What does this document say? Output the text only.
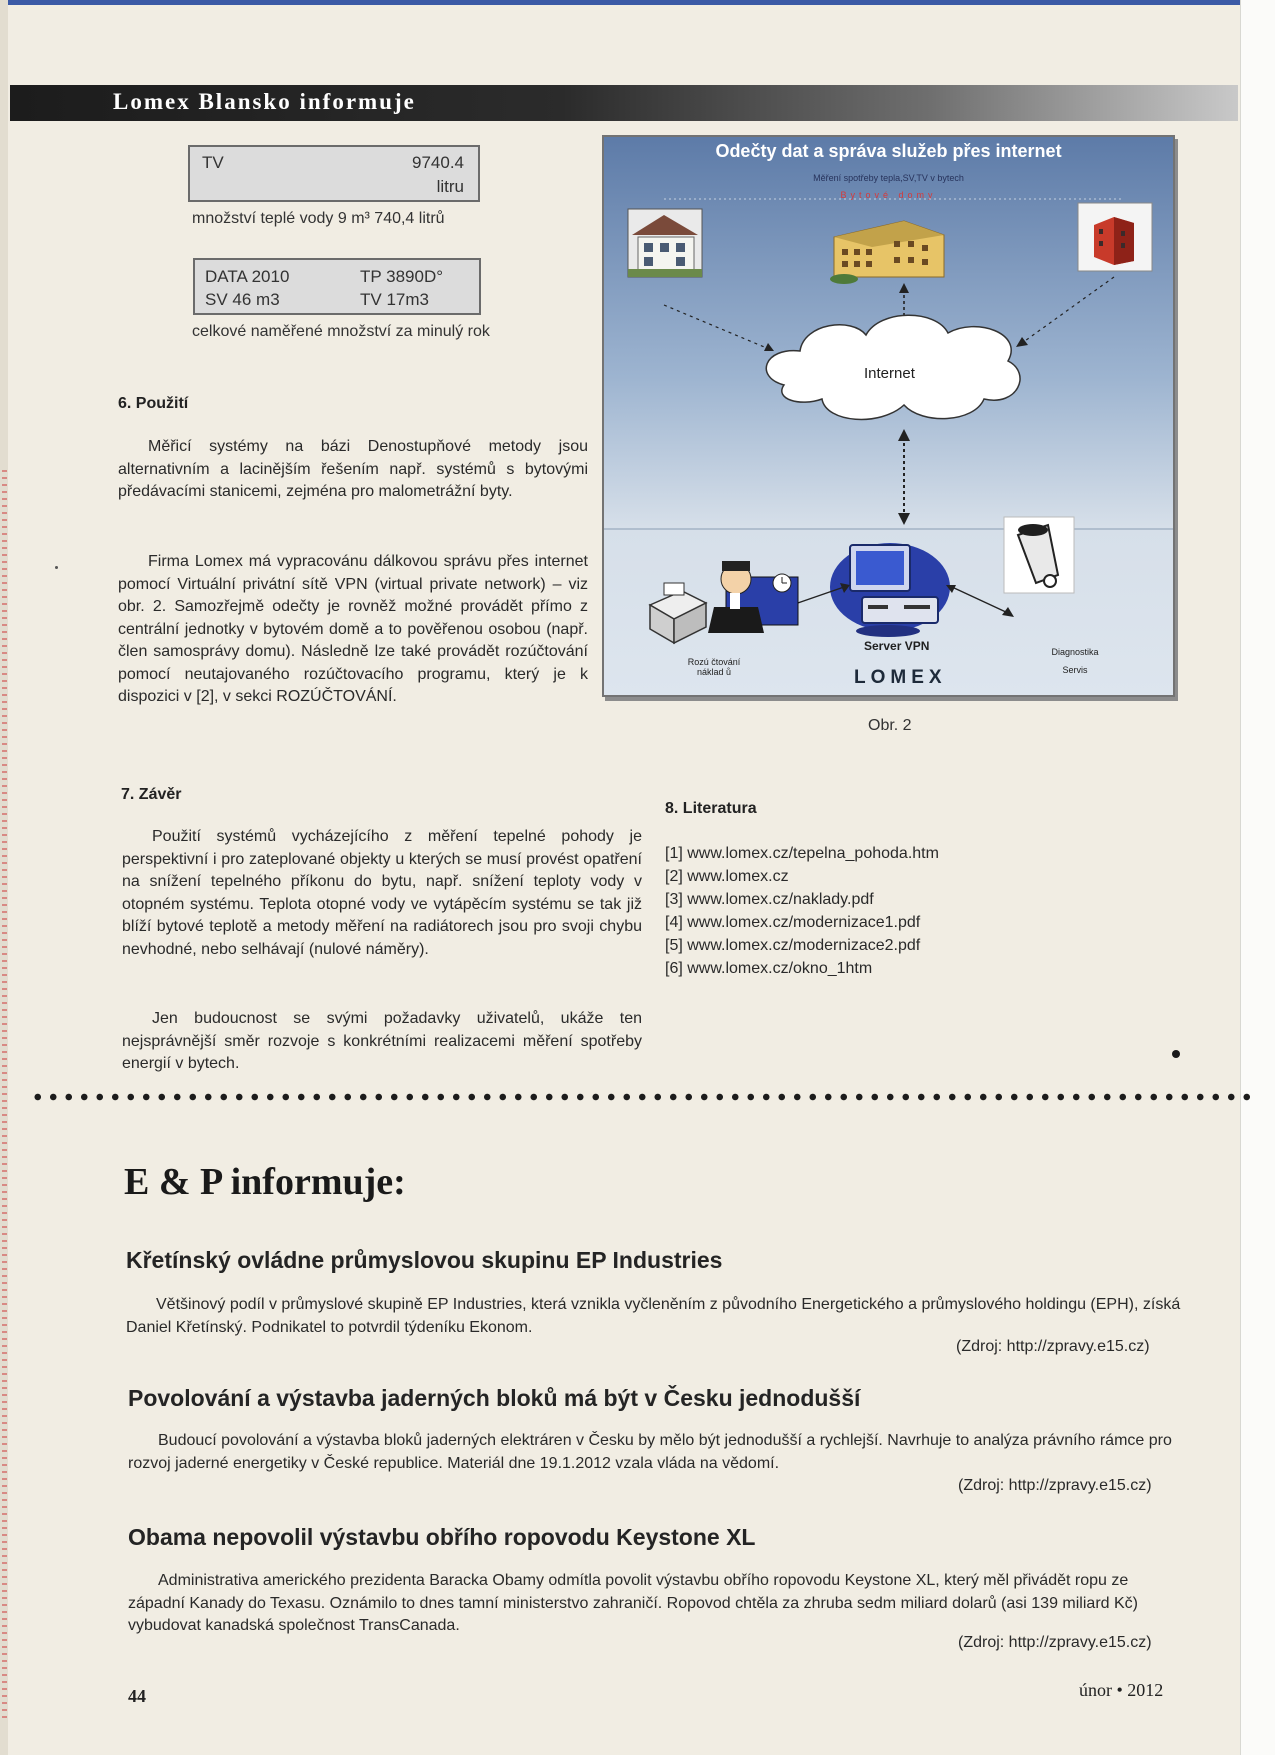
Lomex Blansko informuje
TV	9740.4
litru
množství teplé vody 9 m³ 740,4 litrů
DATA 2010	TP 3890D°
SV 46 m3	TV 17m3
celkové naměřené množství za minulý rok
6. Použití
Měřicí systémy na bázi Denostupňové metody jsou alternativním a lacinějším řešením např. systémů s bytovými předávacími stanicemi, zejména pro malometrážní byty.
Firma Lomex má vypracovánu dálkovou správu přes internet pomocí Virtuální privátní sítě VPN (virtual private network) – viz obr. 2. Samozřejmě odečty je rovněž možné provádět přímo z centrální jednotky v bytovém domě a to pověřenou osobou (např. člen samosprávy domu). Následně lze také provádět rozúčtování pomocí neutajovaného rozúčtovacího programu, který je k dispozici v [2], v sekci ROZÚČTOVÁNÍ.
Odečty dat a správa služeb přes internet
Měření spotřeby tepla,SV,TV v bytech
Bytové domy
Internet
Server VPN
Rozú čtování
náklad ů
Diagnostika
Servis
LOMEX
Obr. 2
7. Závěr
Použití systémů vycházejícího z měření tepelné pohody je perspektivní i pro zateplované objekty u kterých se musí provést opatření na snížení tepelného příkonu do bytu, např. snížení teploty vody v otopném systému. Teplota otopné vody ve vytápěcím systému se tak již blíží bytové teplotě a metody měření na radiátorech jsou pro svoji chybu nevhodné, nebo selhávají (nulové náměry).
Jen budoucnost se svými požadavky uživatelů, ukáže ten nejsprávnější směr rozvoje s konkrétními realizacemi měření spotřeby energií v bytech.
8. Literatura
[1] www.lomex.cz/tepelna_pohoda.htm
[2] www.lomex.cz
[3] www.lomex.cz/naklady.pdf
[4] www.lomex.cz/modernizace1.pdf
[5] www.lomex.cz/modernizace2.pdf
[6] www.lomex.cz/okno_1htm
E & P informuje:
Křetínský ovládne průmyslovou skupinu EP Industries
Většinový podíl v průmyslové skupině EP Industries, která vznikla vyčleněním z původního Energetického a průmyslového holdingu (EPH), získá Daniel Křetínský. Podnikatel to potvrdil týdeníku Ekonom.
(Zdroj: http://zpravy.e15.cz)
Povolování a výstavba jaderných bloků má být v Česku jednodušší
Budoucí povolování a výstavba bloků jaderných elektráren v Česku by mělo být jednodušší a rychlejší. Navrhuje to analýza právního rámce pro rozvoj jaderné energetiky v České republice. Materiál dne 19.1.2012 vzala vláda na vědomí.
(Zdroj: http://zpravy.e15.cz)
Obama nepovolil výstavbu obřího ropovodu Keystone XL
Administrativa amerického prezidenta Baracka Obamy odmítla povolit výstavbu obřího ropovodu Keystone XL, který měl přivádět ropu ze západní Kanady do Texasu. Oznámilo to dnes tamní ministerstvo zahraničí. Ropovod chtěla za zhruba sedm miliard dolarů (asi 139 miliard Kč) vybudovat kanadská společnost TransCanada.
(Zdroj: http://zpravy.e15.cz)
44	únor • 2012
